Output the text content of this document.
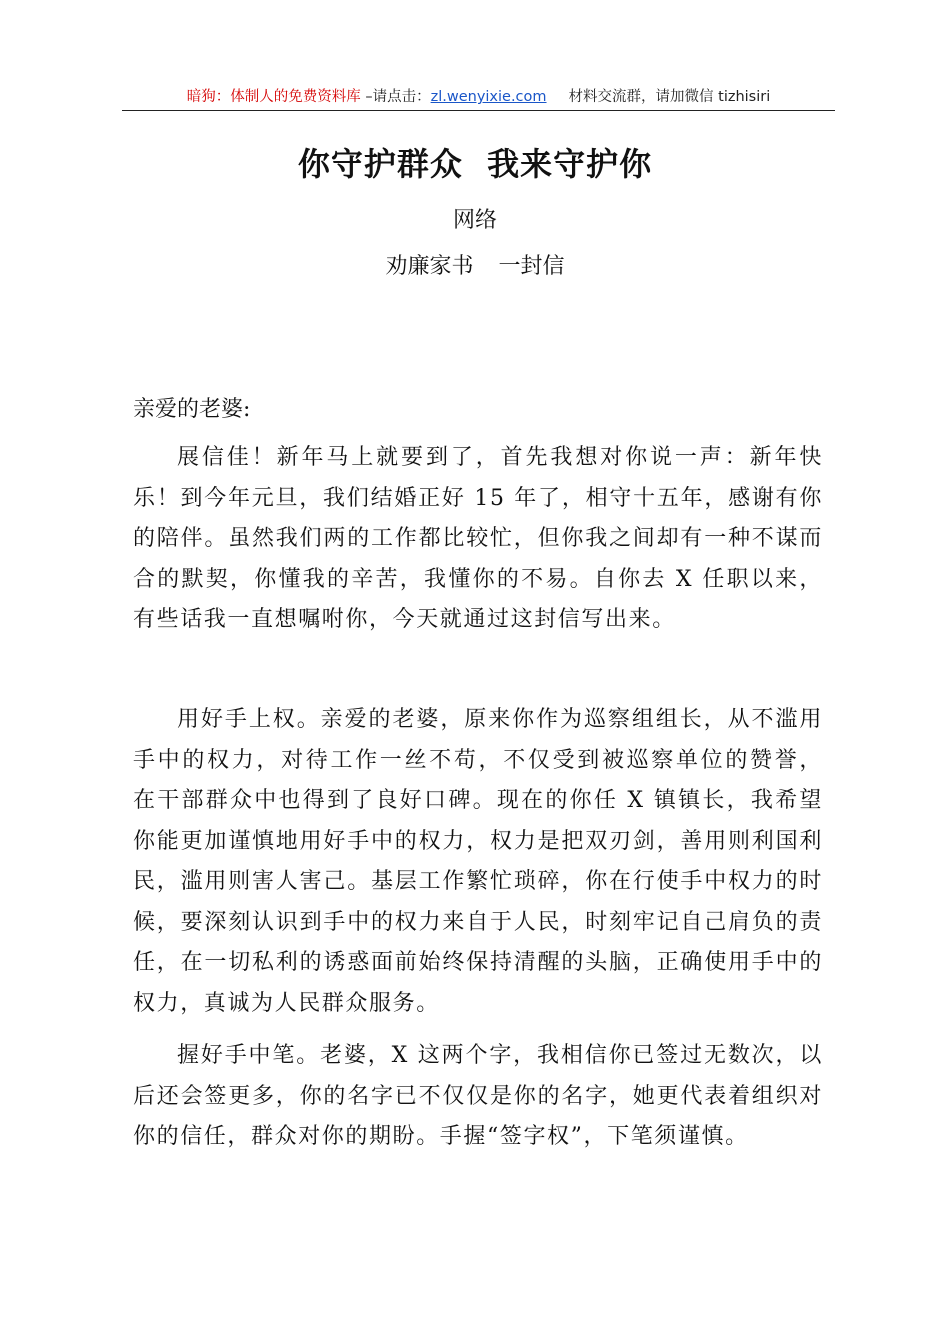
暗狗：体制人的免费资料库 –请点击：zl.wenyixie.com 材料交流群，请加微信 tizhisiri
你守护群众  我来守护你
网络
劝廉家书 一封信
亲爱的老婆:

展信佳！新年马上就要到了，首先我想对你说一声：新年快乐！到今年元旦，我们结婚正好 15 年了，相守十五年，感谢有你的陪伴。虽然我们两的工作都比较忙，但你我之间却有一种不谋而合的默契，你懂我的辛苦，我懂你的不易。自你去 X 任职以来，有些话我一直想嘱咐你，今天就通过这封信写出来。

用好手上权。亲爱的老婆，原来你作为巡察组组长，从不滥用手中的权力，对待工作一丝不苟，不仅受到被巡察单位的赞誉， 在干部群众中也得到了良好口碑。现在的你任 X 镇镇长，我希望你能更加谨慎地用好手中的权力，权力是把双刃剑，善用则利国利民，滥用则害人害己。基层工作繁忙琐碎，你在行使手中权力的时候，要深刻认识到手中的权力来自于人民，时刻牢记自己肩负的责任，在一切私利的诱惑面前始终保持清醒的头脑，正确使用手中的权力，真诚为人民群众服务。

握好手中笔。老婆，X 这两个字，我相信你已签过无数次，以后还会签更多，你的名字已不仅仅是你的名字，她更代表着组织对你的信任，群众对你的期盼。手握“签字权”，下笔须谨慎。
